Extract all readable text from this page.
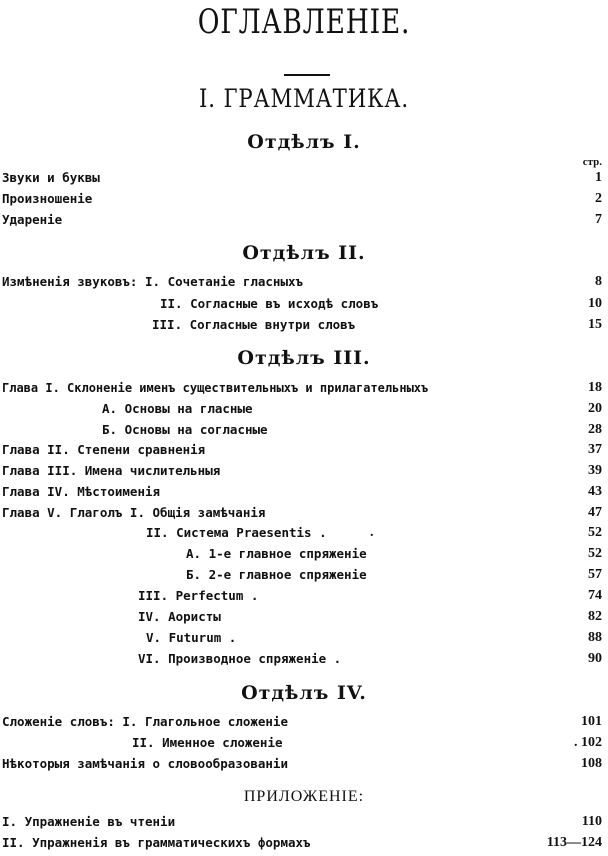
ОГЛАВЛЕНIЕ.
I. ГРАММАТИКА.
Отдѣлъ I.
стр.
Звуки и буквы	1
Произношенiе	2
Ударенiе	7
Отдѣлъ II.
Измѣненiя звуковъ: I. Сочетанiе гласныхъ	8
II. Согласные въ исходѣ словъ	10
III. Согласные внутри словъ	15
Отдѣлъ III.
Глава I. Склоненiе именъ существительныхъ и прилагательныхъ	18
А. Основы на гласные	20
Б. Основы на согласные	28
Глава II. Степени сравненiя	37
Глава III. Имена числительныя	39
Глава IV. Мѣстоименiя	43
Глава V. Глаголъ I. Общiя замѣчанiя	47
II. Система Praesentis .	.	52
А. 1-е главное спряженiе	52
Б. 2-е главное спряженiе	57
III. Perfectum .	74
IV. Аористы	82
V. Futurum .	88
VI. Производное спряженiе .	90
Отдѣлъ IV.
Сложенiе словъ: I. Глагольное сложенiе	101
II. Именное сложенiе	. 102
Нѣкоторыя замѣчанiя о словообразованiи	108
ПРИЛОЖЕНIЕ:
I. Упражненiе въ чтенiи	110
II. Упражненiя въ грамматическихъ формахъ	113—124
